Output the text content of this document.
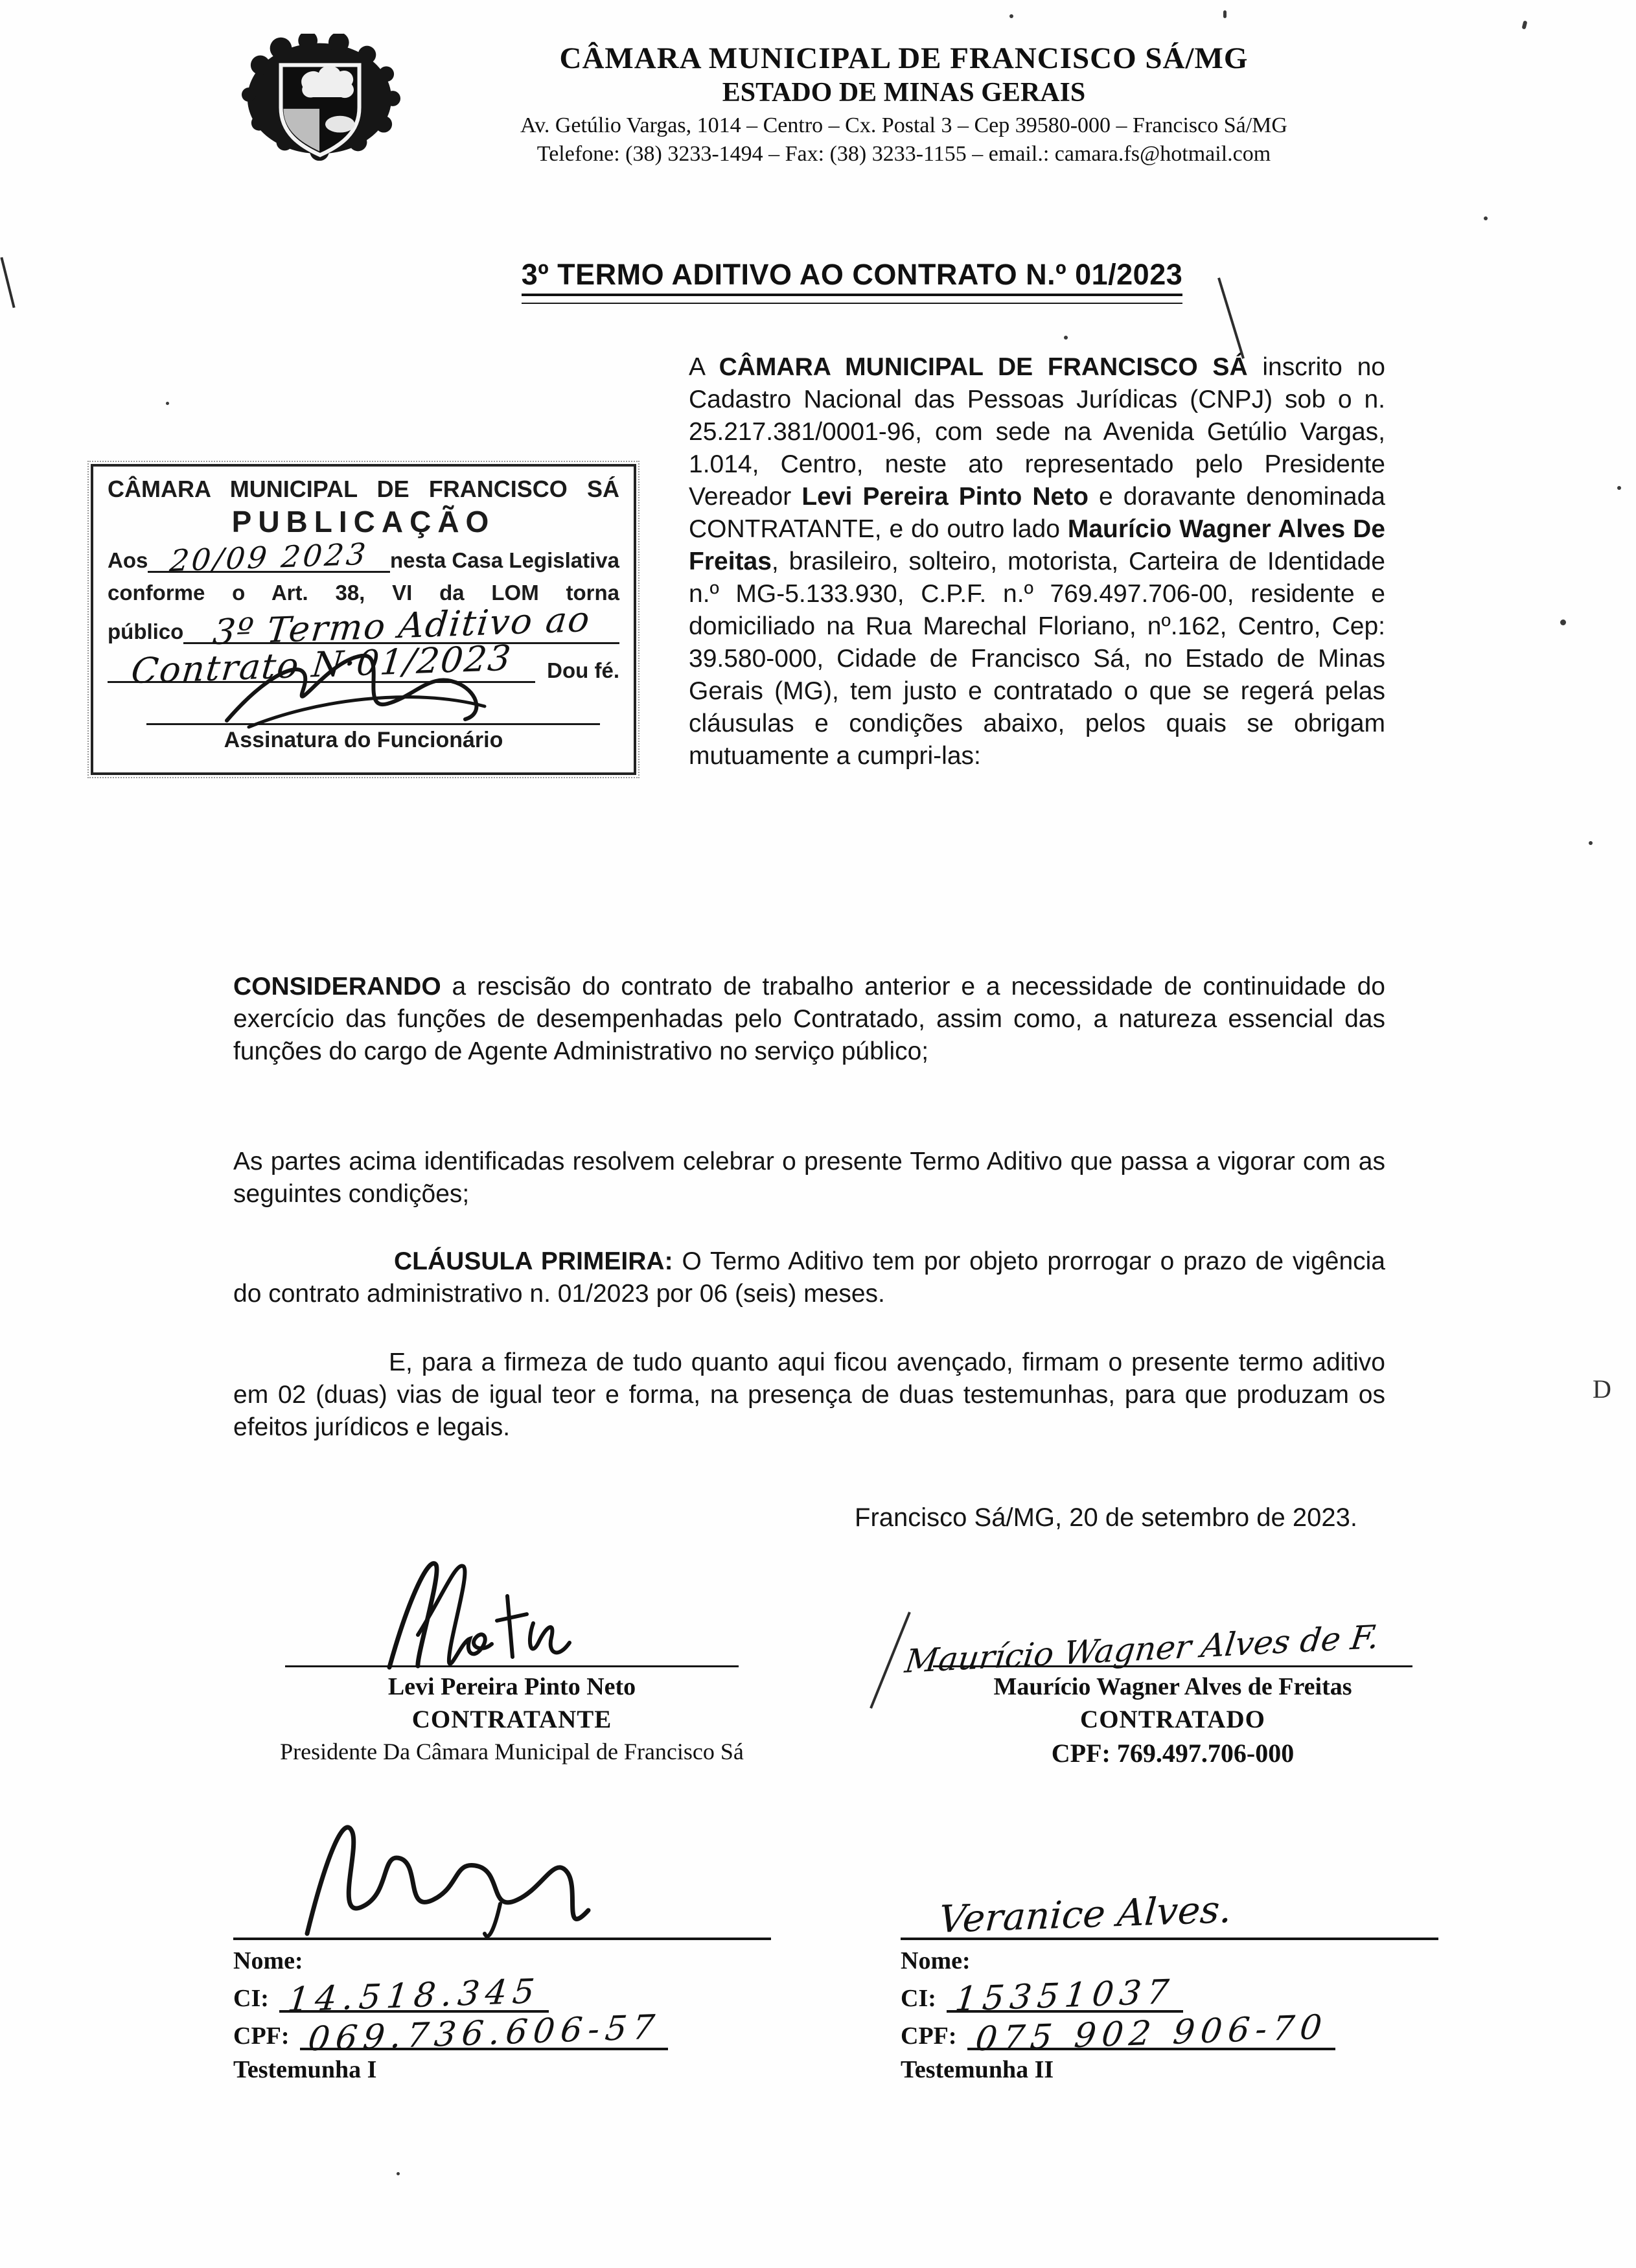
CÂMARA MUNICIPAL DE FRANCISCO SÁ/MG
ESTADO DE MINAS GERAIS
Av. Getúlio Vargas, 1014 – Centro – Cx. Postal 3 – Cep 39580-000 – Francisco Sá/MG
Telefone: (38) 3233-1494 – Fax: (38) 3233-1155 – email.: camara.fs@hotmail.com
3º TERMO ADITIVO AO CONTRATO N.º 01/2023
CÂMARA MUNICIPAL DE FRANCISCO SÁ
PUBLICAÇÃO
Aos 20/09 2023 nesta Casa Legislativa
conforme o Art. 38, VI da LOM torna
público 3º Termo Aditivo ao
Contrato N·01/2023	Dou fé.
Assinatura do Funcionário
A CÂMARA MUNICIPAL DE FRANCISCO SÁ inscrito no Cadastro Nacional das Pessoas Jurídicas (CNPJ) sob o n. 25.217.381/0001-96, com sede na Avenida Getúlio Vargas, 1.014, Centro, neste ato representado pelo Presidente Vereador Levi Pereira Pinto Neto e doravante denominada CONTRATANTE, e do outro lado Maurício Wagner Alves De Freitas, brasileiro, solteiro, motorista, Carteira de Identidade n.º MG-5.133.930, C.P.F. n.º 769.497.706-00, residente e domiciliado na Rua Marechal Floriano, nº.162, Centro, Cep: 39.580-000, Cidade de Francisco Sá, no Estado de Minas Gerais (MG), tem justo e contratado o que se regerá pelas cláusulas e condições abaixo, pelos quais se obrigam mutuamente a cumpri-las:
CONSIDERANDO a rescisão do contrato de trabalho anterior e a necessidade de continuidade do exercício das funções de desempenhadas pelo Contratado, assim como, a natureza essencial das funções do cargo de Agente Administrativo no serviço público;
As partes acima identificadas resolvem celebrar o presente Termo Aditivo que passa a vigorar com as seguintes condições;
CLÁUSULA PRIMEIRA: O Termo Aditivo tem por objeto prorrogar o prazo de vigência do contrato administrativo n. 01/2023 por 06 (seis) meses.
E, para a firmeza de tudo quanto aqui ficou avençado, firmam o presente termo aditivo em 02 (duas) vias de igual teor e forma, na presença de duas testemunhas, para que produzam os efeitos jurídicos e legais.
Francisco Sá/MG, 20 de setembro de 2023.
Levi Pereira Pinto Neto
CONTRATANTE
Presidente Da Câmara Municipal de Francisco Sá
Maurício Wagner Alves de F.
Maurício Wagner Alves de Freitas
CONTRATADO
CPF: 769.497.706-000
Nome:
CI: 14.518.345
CPF: 069.736.606-57
Testemunha I
Veranice Alves.
Nome:
CI: 15351037
CPF: 075 902 906-70
Testemunha II
D
